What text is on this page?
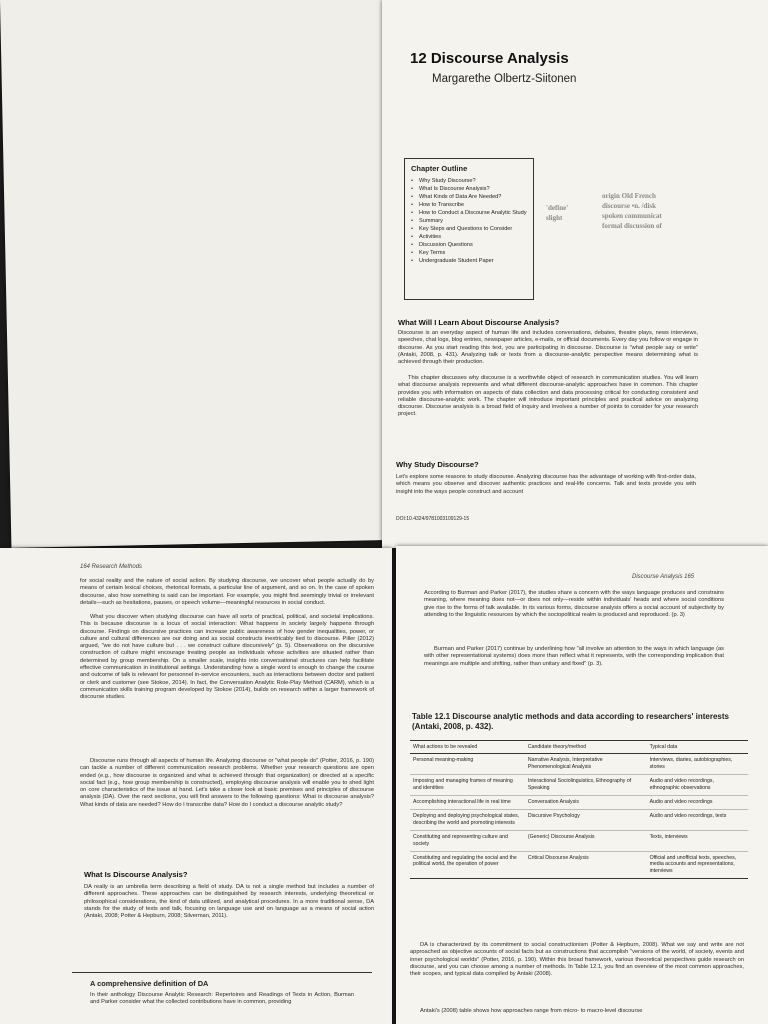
12 Discourse Analysis
Margarethe Olbertz-Siitonen
Chapter Outline
• Why Study Discourse?
• What Is Discourse Analysis?
• What Kinds of Data Are Needed?
• How to Transcribe
• How to Conduct a Discourse Analytic Study
• Summary
• Key Steps and Questions to Consider
• Activities
• Discussion Questions
• Key Terms
• Undergraduate Student Paper
'define'
slight
discourse •n. /disk
spoken communicat
formal discussion of
origin Old French
What Will I Learn About Discourse Analysis?
Discourse is an everyday aspect of human life and includes conversations, debates, theatre plays, news interviews, speeches, chat logs, blog entries, newspaper articles, e-mails, or official documents. Every day you follow or engage in discourse. As you start reading this text, you are participating in discourse. Discourse is "what people say or write" (Antaki, 2008, p. 431). Analyzing talk or texts from a discourse-analytic perspective means determining what is achieved through their production.
This chapter discusses why discourse is a worthwhile object of research in communication studies. You will learn what discourse analysis represents and what different discourse-analytic approaches have in common. This chapter provides you with information on aspects of data collection and data processing critical for conducting consistent and reliable discourse-analytic work. The chapter will introduce important principles and practical advice on analyzing discourse. Discourse analysis is a broad field of inquiry and involves a number of points to consider for your research project.
Why Study Discourse?
Let's explore some reasons to study discourse. Analyzing discourse has the advantage of working with first-order data, which means you observe and discover authentic practices and real-life concerns. Talk and texts provide you with insight into the ways people construct and account
DOI:10.4324/9781003109129-15
164 Research Methods
for social reality and the nature of social action. By studying discourse, we uncover what people actually do by means of certain lexical choices, rhetorical formats, a particular line of argument, and so on. In the case of spoken discourse, also how something is said can be important. For example, you might find seemingly trivial or irrelevant details—such as hesitations, pauses, or speech volume—meaningful resources in social conduct.
What you discover when studying discourse can have all sorts of practical, political, and societal implications. This is because discourse is a locus of social interaction: What happens in society largely happens through discourse. Findings on discursive practices can increase public awareness of how gender inequalities, power, or culture and cultural differences are our doing and as social constructs inextricably tied to discourse. Piller (2012) argued, "we do not have culture but . . . we construct culture discursively" (p. 5). Observations on the discursive construction of culture might encourage treating people as individuals whose activities are situated rather than determined by group membership. On a smaller scale, insights into conversational structures can help facilitate effective communication in institutional settings. Understanding how a single word is enough to change the course and outcome of talk is relevant for personnel in-service encounters, such as interactions between doctor and patient or clerk and customer (see Stokoe, 2014). In fact, the Conversation Analytic Role-Play Method (CARM), which is a communication skills training program developed by Stokoe (2014), builds on research within a larger framework of discourse studies.
Discourse runs through all aspects of human life. Analyzing discourse or "what people do" (Potter, 2016, p. 190) can tackle a number of different communication research problems. Whether your research questions are open ended (e.g., how discourse is organized and what is achieved through that organization) or directed at a specific social fact (e.g., how group membership is constructed), employing discourse analysis will enable you to shed light on core characteristics of the issue at hand. Let's take a closer look at basic premises and principles of discourse analysis (DA). Over the next sections, you will find answers to the following questions: What is discourse analysis? What kinds of data are needed? How do I transcribe data? How do I conduct a discourse analytic study?
What Is Discourse Analysis?
DA really is an umbrella term describing a field of study. DA is not a single method but includes a number of different approaches. These approaches can be distinguished by research interests, underlying theoretical or philosophical considerations, the kind of data utilized, and analytical procedures. In a more traditional sense, DA stands for the study of texts and talk, focusing on language use and on language as a means of social action (Antaki, 2008; Potter & Hepburn, 2008; Silverman, 2011).
A comprehensive definition of DA
In their anthology Discourse Analytic Research: Repertoires and Readings of Texts in Action, Burman and Parker consider what the collected contributions have in common, providing
Discourse Analysis 165
According to Burman and Parker (2017), the studies share a concern with the ways language produces and constrains meaning, where meaning does not—or does not only—reside within individuals' heads and where social conditions give rise to the forms of talk available. In its various forms, discourse analysis offers a social account of subjectivity by attending to the linguistic resources by which the sociopolitical realm is produced and reproduced. (p. 3)
Burman and Parker (2017) continue by underlining how "all involve an attention to the ways in which language (as with other representational systems) does more than reflect what it represents, with the corresponding implication that meanings are multiple and shifting, rather than unitary and fixed" (p. 3).
Table 12.1 Discourse analytic methods and data according to researchers' interests (Antaki, 2008, p. 432).
What actions to be revealed	Candidate theory/method	Typical data
Personal meaning-making	Narrative Analysis, Interpretative Phenomenological Analysis	Interviews, diaries, autobiographies, stories
Imposing and managing frames of meaning and identities	Interactional Sociolinguistics, Ethnography of Speaking	Audio and video recordings, ethnographic observations
Accomplishing interactional life in real time	Conversation Analysis	Audio and video recordings
Deploying and deploying psychological states, describing the world and promoting interests	Discursive Psychology	Audio and video recordings, texts
Constituting and representing culture and society	(Generic) Discourse Analysis	Texts, interviews
Constituting and regulating the social and the political world, the operation of power	Critical Discourse Analysis	Official and unofficial texts, speeches, media accounts and representations, interviews
DA is characterized by its commitment to social constructionism (Potter & Hepburn, 2008). What we say and write are not approached as objective accounts of social facts but as constructions that accomplish "versions of the world, of society, events and inner psychological worlds" (Potter, 2016, p. 190). Within this broad framework, various theoretical perspectives guide research on discourse, and you can choose among a number of methods. In Table 12.1, you find an overview of the most common approaches, their scopes, and typical data compiled by Antaki (2008).
Antaki's (2008) table shows how approaches range from micro- to macro-level discourse
